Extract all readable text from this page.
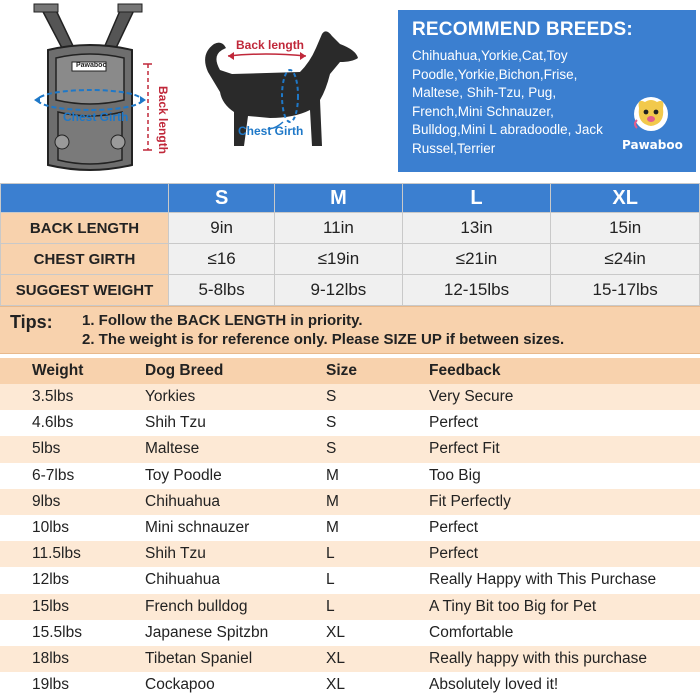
Pawaboo
Chest Girth Back length
Back length
Chest Girth
RECOMMEND BREEDS:
Chihuahua,Yorkie,Cat,Toy Poodle,Yorkie,Bichon,Frise, Maltese, Shih-Tzu, Pug, French,Mini Schnauzer, Bulldog,Mini L abradoodle, Jack Russel,Terrier	Pawaboo
	S	M	L	XL
BACK LENGTH	9in	11in	13in	15in
CHEST GIRTH	≤16	≤19in	≤21in	≤24in
SUGGEST WEIGHT	5-8lbs	9-12lbs	12-15lbs	15-17lbs
Tips: 1. Follow the BACK LENGTH in priority.
2. The weight is for reference only. Please SIZE UP if between sizes.
Weight	Dog Breed	Size	Feedback
3.5lbs	Yorkies	S	Very Secure
4.6lbs	Shih Tzu	S	Perfect
5lbs	Maltese	S	Perfect Fit
6-7lbs	Toy Poodle	M	Too Big
9lbs	Chihuahua	M	Fit Perfectly
10lbs	Mini schnauzer	M	Perfect
11.5lbs	Shih Tzu	L	Perfect
12lbs	Chihuahua	L	Really Happy with This Purchase
15lbs	French bulldog	L	A Tiny Bit too Big for Pet
15.5lbs	Japanese Spitzbn	XL	Comfortable
18lbs	Tibetan Spaniel	XL	Really happy with this purchase
19lbs	Cockapoo	XL	Absolutely loved it!
